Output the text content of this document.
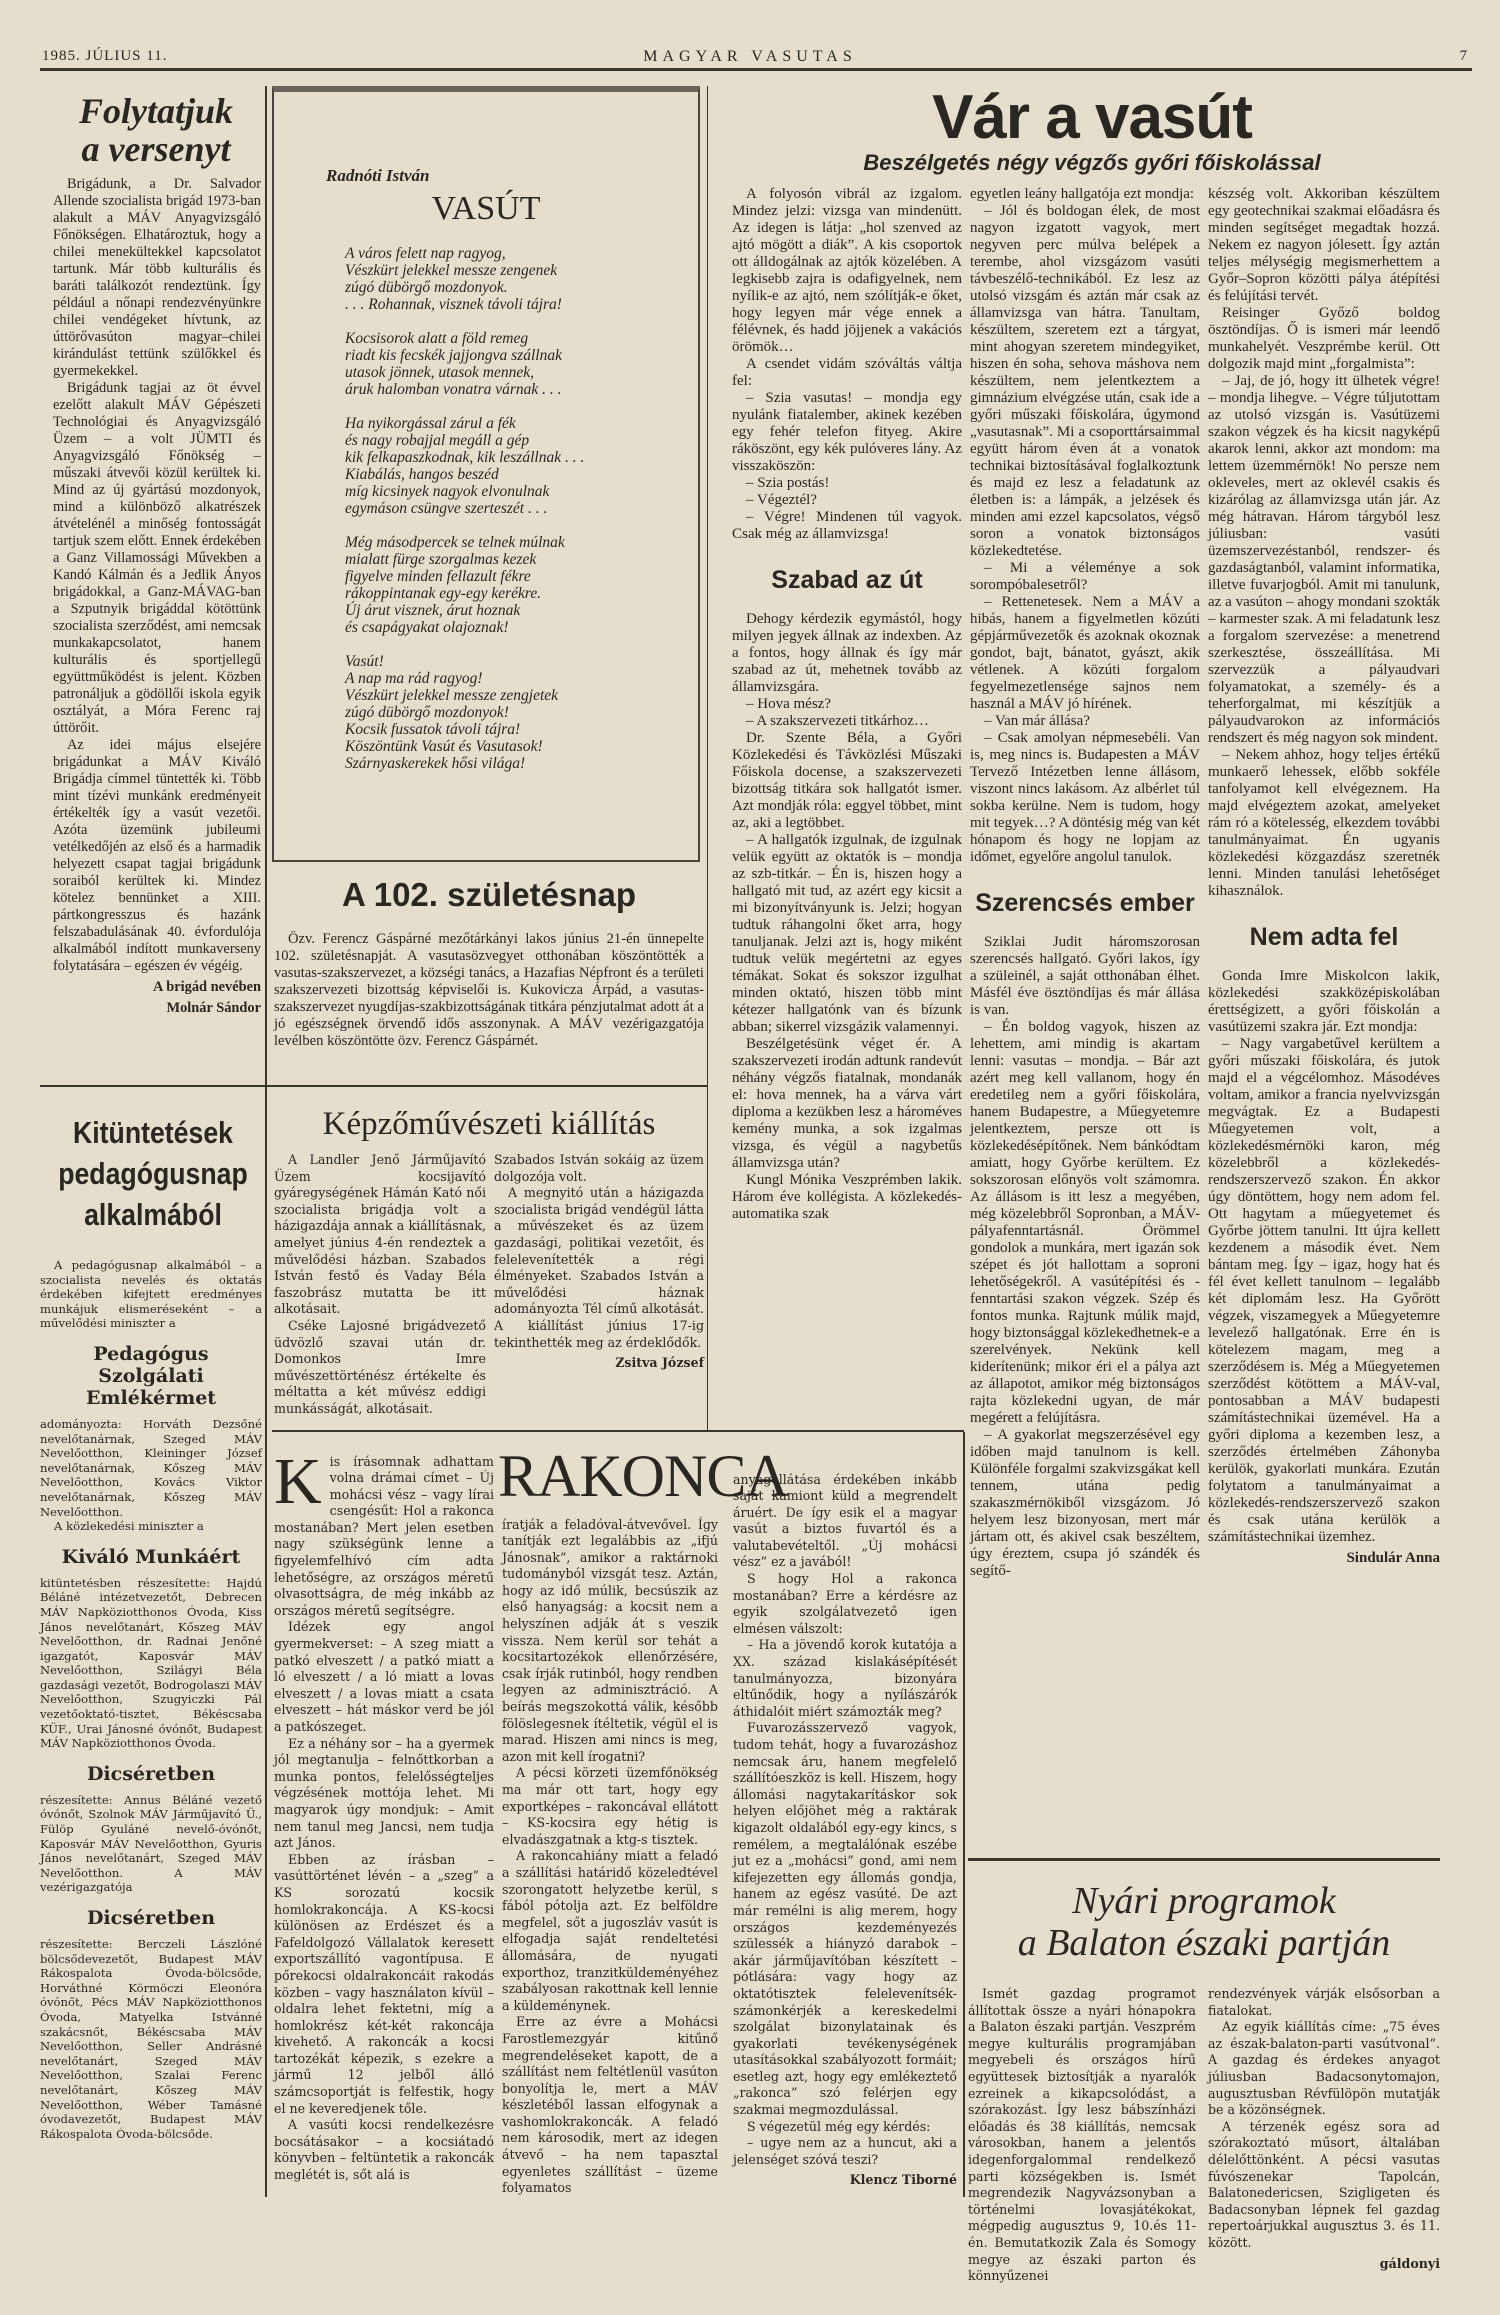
1985. JÚLIUS 11.	MAGYAR VASUTAS	7
Folytatjuk
a versenyt

Brigádunk, a Dr. Salvador Allende szocialista brigád 1973-ban alakult a MÁV Anyagvizsgáló Főnökségen. Elhatároztuk, hogy a chilei menekültekkel kapcsolatot tartunk. Már több kulturális és baráti találkozót rendeztünk. Így például a nőnapi rendezvényünkre chilei vendégeket hívtunk, az úttörővasúton magyar–chilei kirándulást tettünk szülőkkel és gyermekekkel.

Brigádunk tagjai az öt évvel ezelőtt alakult MÁV Gépészeti Technológiai és Anyagvizsgáló Üzem – a volt JÜMTI és Anyagvizsgáló Főnökség – műszaki átvevői közül kerültek ki. Mind az új gyártású mozdonyok, mind a különböző alkatrészek átvételénél a minőség fontosságát tartjuk szem előtt. Ennek érdekében a Ganz Villamossági Művekben a Kandó Kálmán és a Jedlik Ányos brigádokkal, a Ganz-MÁVAG-ban a Szputnyik brigáddal kötöttünk szocialista szerződést, ami nemcsak munkakapcsolatot, hanem kulturális és sportjellegű együttműködést is jelent. Közben patronáljuk a gödöllői iskola egyik osztályát, a Móra Ferenc raj úttörőit.

Az idei május elsejére brigádunkat a MÁV Kiváló Brigádja címmel tüntették ki. Több mint tízévi munkánk eredményeit értékelték így a vasút vezetői. Azóta üzemünk jubileumi vetélkedőjén az első és a harmadik helyezett csapat tagjai brigádunk soraiból kerültek ki. Mindez kötelez bennünket a XIII. pártkongresszus és hazánk felszabadulásának 40. évfordulója alkalmából indított munkaverseny folytatására – egészen év végéig.

A brigád nevében

Molnár Sándor

Radnóti István
VASÚT

A város felett nap ragyog,
Vészkürt jelekkel messze zengenek
zúgó dübörgő mozdonyok.
. . . Rohannak, visznek távoli tájra!

Kocsisorok alatt a föld remeg
riadt kis fecskék jajjongva szállnak
utasok jönnek, utasok mennek,
áruk halomban vonatra várnak . . .

Ha nyikorgással zárul a fék
és nagy robajjal megáll a gép
kik felkapaszkodnak, kik leszállnak . . .
Kiabálás, hangos beszéd
míg kicsinyek nagyok elvonulnak
egymáson csüngve szerteszét . . .

Még másodpercek se telnek múlnak
mialatt fürge szorgalmas kezek
figyelve minden fellazult fékre
rákoppintanak egy-egy kerékre.
Új árut visznek, árut hoznak
és csapágyakat olajoznak!

Vasút!
A nap ma rád ragyog!
Vészkürt jelekkel messze zengjetek
zúgó dübörgő mozdonyok!
Kocsik fussatok távoli tájra!
Köszöntünk Vasút és Vasutasok!
Szárnyaskerekek hősi világa!

A 102. születésnap

Özv. Ferencz Gáspárné mezőtárkányi lakos június 21-én ünnepelte 102. születésnapját. A vasutasözvegyet otthonában köszöntötték a vasutas-szakszervezet, a községi tanács, a Hazafias Népfront és a területi szakszervezeti bizottság képviselői is. Kukovicza Árpád, a vasutas-szakszervezet nyugdíjas-szakbizottságának titkára pénzjutalmat adott át a jó egészségnek örvendő idős asszonynak. A MÁV vezérigazgatója levélben köszöntötte özv. Ferencz Gáspárnét.

Képzőművészeti kiállítás

A Landler Jenő Járműjavító Üzem kocsijavító gyáregységének Hámán Kató női szocialista brigádja volt a házigazdája annak a kiállításnak, amelyet június 4-én rendeztek a művelődési házban. Szabados István festő és Vaday Béla faszobrász mutatta be itt alkotásait.

Cséke Lajosné brigádvezető üdvözlő szavai után dr. Domonkos Imre művészettörténész értékelte és méltatta a két művész eddigi munkásságát, alkotásait.

Szabados István sokáig az üzem dolgozója volt.

A megnyitó után a házigazda szocialista brigád vendégül látta a művészeket és az üzem gazdasági, politikai vezetőit, és felelevenítették a régi élményeket. Szabados István a művelődési háznak adományozta Tél című alkotását. A kiállítást június 17-ig tekinthették meg az érdeklődők.

Zsitva József

Vár a vasút
Beszélgetés négy végzős győri főiskolással

A folyosón vibrál az izgalom. Mindez jelzi: vizsga van mindenütt. Az idegen is látja: „hol szenved az ajtó mögött a diák”. A kis csoportok ott álldogálnak az ajtók közelében. A legkisebb zajra is odafigyelnek, nem nyílik-e az ajtó, nem szólítják-e őket, hogy legyen már vége ennek a félévnek, és hadd jöjjenek a vakációs örömök…

A csendet vidám szóváltás váltja fel:

– Szia vasutas! – mondja egy nyulánk fiatalember, akinek kezében egy fehér telefon fityeg. Akire ráköszönt, egy kék pulóveres lány. Az visszaköszön:

– Szia postás!

– Végeztél?

– Végre! Mindenen túl vagyok. Csak még az államvizsga!

Szabad az út

Dehogy kérdezik egymástól, hogy milyen jegyek állnak az indexben. Az a fontos, hogy állnak és így már szabad az út, mehetnek tovább az államvizsgára.

– Hova mész?

– A szakszervezeti titkárhoz…

Dr. Szente Béla, a Győri Közlekedési és Távközlési Műszaki Főiskola docense, a szakszervezeti bizottság titkára sok hallgatót ismer. Azt mondják róla: eggyel többet, mint az, aki a legtöbbet.

– A hallgatók izgulnak, de izgulnak velük együtt az oktatók is – mondja az szb-titkár. – Én is, hiszen hogy a hallgató mit tud, az azért egy kicsit a mi bizonyítványunk is. Jelzi; hogyan tudtuk ráhangolni őket arra, hogy tanuljanak. Jelzi azt is, hogy miként tudtuk velük megértetni az egyes témákat. Sokat és sokszor izgulhat minden oktató, hiszen több mint kétezer hallgatónk van és bízunk abban; sikerrel vizsgázik valamennyi.

Beszélgetésünk véget ér. A szakszervezeti irodán adtunk randevút néhány végzős fiatalnak, mondanák el: hova mennek, ha a várva várt diploma a kezükben lesz a hároméves kemény munka, a sok izgalmas vizsga, és végül a nagybetűs államvizsga után?

Kungl Mónika Veszprémben lakik. Három éve kollégista. A közlekedés-automatika szak

egyetlen leány hallgatója ezt mondja:

– Jól és boldogan élek, de most nagyon izgatott vagyok, mert negyven perc múlva belépek a terembe, ahol vizsgázom vasúti távbeszélő-technikából. Ez lesz az utolsó vizsgám és aztán már csak az államvizsga van hátra. Tanultam, készültem, szeretem ezt a tárgyat, mint ahogyan szeretem mindegyiket, hiszen én soha, sehova máshova nem készültem, nem jelentkeztem a gimnázium elvégzése után, csak ide a győri műszaki főiskolára, úgymond „vasutasnak”. Mi a csoporttársaimmal együtt három éven át a vonatok technikai biztosításával foglalkoztunk és majd ez lesz a feladatunk az életben is: a lámpák, a jelzések és minden ami ezzel kapcsolatos, végső soron a vonatok biztonságos közlekedtetése.

– Mi a véleménye a sok sorompóbalesetről?

– Rettenetesek. Nem a MÁV a hibás, hanem a figyelmetlen közúti gépjárművezetők és azoknak okoznak gondot, bajt, bánatot, gyászt, akik vétlenek. A közúti forgalom fegyelmezetlensége sajnos nem használ a MÁV jó hírének.

– Van már állása?

– Csak amolyan népmesebéli. Van is, meg nincs is. Budapesten a MÁV Tervező Intézetben lenne állásom, viszont nincs lakásom. Az albérlet túl sokba kerülne. Nem is tudom, hogy mit tegyek…? A döntésig még van két hónapom és hogy ne lopjam az időmet, egyelőre angolul tanulok.

Szerencsés ember

Sziklai Judit háromszorosan szerencsés hallgató. Győri lakos, így a szüleinél, a saját otthonában élhet. Másfél éve ösztöndíjas és már állása is van.

– Én boldog vagyok, hiszen az lehettem, ami mindig is akartam lenni: vasutas – mondja. – Bár azt azért meg kell vallanom, hogy én eredetileg nem a győri főiskolára, hanem Budapestre, a Műegyetemre jelentkeztem, persze ott is közlekedésépítőnek. Nem bánkódtam amiatt, hogy Győrbe kerültem. Ez sokszorosan előnyös volt számomra. Az állásom is itt lesz a megyében, még közelebbről Sopronban, a MÁV-pályafenntartásnál. Örömmel gondolok a munkára, mert igazán sok szépet és jót hallottam a soproni lehetőségekről. A vasútépítési és -fenntartási szakon végzek. Szép és fontos munka. Rajtunk múlik majd, hogy biztonsággal közlekedhetnek-e a szerelvények. Nekünk kell kiderítenünk; mikor éri el a pálya azt az állapotot, amikor még biztonságos rajta közlekedni ugyan, de már megérett a felújításra.

– A gyakorlat megszerzésével egy időben majd tanulnom is kell. Különféle forgalmi szakvizsgákat kell tennem, utána pedig szakaszmérnökiből vizsgázom. Jó helyem lesz bizonyosan, mert már jártam ott, és akivel csak beszéltem, úgy éreztem, csupa jó szándék és segítő-

készség volt. Akkoriban készültem egy geotechnikai szakmai előadásra és minden segítséget megadtak hozzá. Nekem ez nagyon jólesett. Így aztán teljes mélységig megismerhettem a Győr–Sopron közötti pálya átépítési és felújítási tervét.

Reisinger Győző boldog ösztöndíjas. Ő is ismeri már leendő munkahelyét. Veszprémbe kerül. Ott dolgozik majd mint „forgalmista”:

– Jaj, de jó, hogy itt ülhetek végre! – mondja lihegve. – Végre túljutottam az utolsó vizsgán is. Vasútüzemi szakon végzek és ha kicsit nagyképű akarok lenni, akkor azt mondom: ma lettem üzemmérnök! No persze nem okleveles, mert az oklevél csakis és kizárólag az államvizsga után jár. Az még hátravan. Három tárgyból lesz júliusban: vasúti üzemszervezéstanból, rendszer- és gazdaságtanból, valamint informatika, illetve fuvarjogból. Amit mi tanulunk, az a vasúton – ahogy mondani szokták – karmester szak. A mi feladatunk lesz a forgalom szervezése: a menetrend szerkesztése, összeállítása. Mi szervezzük a pályaudvari folyamatokat, a személy- és a teherforgalmat, mi készítjük a pályaudvarokon az információs rendszert és még nagyon sok mindent.

– Nekem ahhoz, hogy teljes értékű munkaerő lehessek, előbb sokféle tanfolyamot kell elvégeznem. Ha majd elvégeztem azokat, amelyeket rám ró a kötelesség, elkezdem további tanulmányaimat. Én ugyanis közlekedési közgazdász szeretnék lenni. Minden tanulási lehetőséget kihasználok.

Nem adta fel

Gonda Imre Miskolcon lakik, közlekedési szakközépiskolában érettségizett, a győri főiskolán a vasútüzemi szakra jár. Ezt mondja:

– Nagy vargabetűvel kerültem a győri műszaki főiskolára, és jutok majd el a végcélomhoz. Másodéves voltam, amikor a francia nyelvvizsgán megvágtak. Ez a Budapesti Műegyetemen volt, a közlekedésmérnöki karon, még közelebbről a közlekedés-rendszerszervező szakon. Én akkor úgy döntöttem, hogy nem adom fel. Ott hagytam a műegyetemet és Győrbe jöttem tanulni. Itt újra kellett kezdenem a második évet. Nem bántam meg. Így – igaz, hogy hat és fél évet kellett tanulnom – legalább két diplomám lesz. Ha Győrött végzek, viszamegyek a Műegyetemre levelező hallgatónak. Erre én is kötelezem magam, meg a szerződésem is. Még a Műegyetemen szerződést kötöttem a MÁV-val, pontosabban a MÁV budapesti számítástechnikai üzemével. Ha a győri diploma a kezemben lesz, a szerződés értelmében Záhonyba kerülök, gyakorlati munkára. Ezután folytatom a tanulmányaimat a közlekedés-rendszerszervező szakon és csak utána kerülök a számítástechnikai üzemhez.

Sindulár Anna

Kis írásomnak adhattam volna drámai címet – Új mohácsi vész – vagy lírai csengésűt: Hol a rakonca mostanában? Mert jelen esetben nagy szükségünk lenne a figyelemfelhívó cím adta lehetőségre, az országos méretű olvasottságra, de még inkább az országos méretű segítségre.

Idézek egy angol gyermekverset: – A szeg miatt a patkó elveszett / a patkó miatt a ló elveszett / a ló miatt a lovas elveszett / a lovas miatt a csata elveszett – hát máskor verd be jól a patkószeget.

Ez a néhány sor – ha a gyermek jól megtanulja – felnőttkorban a munka pontos, felelősségteljes végzésének mottója lehet. Mi magyarok úgy mondjuk: – Amit nem tanul meg Jancsi, nem tudja azt János.

Ebben az írásban – vasúttörténet lévén – a „szeg” a KS sorozatú kocsik homlokrakoncája. A KS-kocsi különösen az Erdészet és a Fafeldolgozó Vállalatok keresett exportszállító vagontípusa. E pőrekocsi oldalrakoncáit rakodás közben – vagy használaton kívül – oldalra lehet fektetni, míg a homlokrész két-két rakoncája kivehető. A rakoncák a kocsi tartozékát képezik, s ezekre a jármű 12 jelből álló számcsoportját is felfestik, hogy el ne keveredjenek tőle.

A vasúti kocsi rendelkezésre bocsátásakor – a kocsiátadó könyvben – feltüntetik a rakoncák meglétét is, sőt alá is

RAKONCA

íratják a feladóval-átvevővel. Így tanítják ezt legalábbis az „ifjú Jánosnak”, amikor a raktárnoki tudományból vizsgát tesz. Aztán, hogy az idő múlik, becsúszik az első hanyagság: a kocsit nem a helyszínen adják át s veszik vissza. Nem kerül sor tehát a kocsitartozékok ellenőrzésére, csak írják rutinból, hogy rendben legyen az adminisztráció. A beírás megszokottá válik, később fölöslegesnek ítéltetik, végül el is marad. Hiszen ami nincs is meg, azon mit kell írogatni?

A pécsi körzeti üzemfőnökség ma már ott tart, hogy egy exportképes – rakoncával ellátott – KS-kocsira egy hétig is elvadászgatnak a ktg-s tisztek.

A rakoncahiány miatt a feladó a szállítási határidő közeledtével szorongatott helyzetbe kerül, s fából pótolja azt. Ez belföldre megfelel, sőt a jugoszláv vasút is elfogadja saját rendeltetési állomására, de nyugati exporthoz, tranzitküldeményéhez szabályosan rakottnak kell lennie a küldeménynek.

Erre az évre a Mohácsi Farostlemezgyár kitűnő megrendeléseket kapott, de a szállítást nem feltétlenül vasúton bonyolítja le, mert a MÁV készletéből lassan elfogynak a vashomlokrakoncák. A feladó nem károsodik, mert az idegen átvevő – ha nem tapasztal egyenletes szállítást – üzeme folyamatos

anyagellátása érdekében inkább saját kamiont küld a megrendelt áruért. De így esik el a magyar vasút a biztos fuvartól és a valutabevételtől. „Új mohácsi vész” ez a javából!

S hogy Hol a rakonca mostanában? Erre a kérdésre az egyik szolgálatvezető igen elmésen válszolt:

– Ha a jövendő korok kutatója a XX. század kislakásépítését tanulmányozza, bizonyára eltűnődik, hogy a nyílászárók áthidalóit miért számozták meg?

Fuvarozásszervező vagyok, tudom tehát, hogy a fuvarozáshoz nemcsak áru, hanem megfelelő szállítóeszköz is kell. Hiszem, hogy állomási nagytakarításkor sok helyen előjöhet még a raktárak kigazolt oldalából egy-egy kincs, s remélem, a megtalálónak eszébe jut ez a „mohácsi” gond, ami nem kifejezetten egy állomás gondja, hanem az egész vasúté. De azt már remélni is alig merem, hogy országos kezdeményezés szülessék a hiányzó darabok – akár járműjavítóban készített – pótlására: vagy hogy az oktatótisztek felelevenítsék-számonkérjék a kereskedelmi szolgálat bizonylatainak és gyakorlati tevékenységének utasításokkal szabályozott formáit; esetleg azt, hogy egy emlékeztető „rakonca” szó felérjen egy szakmai megmozdulással.

S végezetül még egy kérdés:

– ugye nem az a huncut, aki a jelenséget szóvá teszi?

Klencz Tiborné

Nyári programok
a Balaton északi partján

Ismét gazdag programot állítottak össze a nyári hónapokra a Balaton északi partján. Veszprém megye kulturális programjában megyebeli és országos hírű együttesek biztosítják a nyaralók ezreinek a kikapcsolódást, a szórakozást. Így lesz bábszínházi előadás és 38 kiállítás, nemcsak városokban, hanem a jelentős idegenforgalommal rendelkező parti községekben is. Ismét megrendezik Nagyvázsonyban a történelmi lovasjátékokat, mégpedig augusztus 9, 10.és 11-én. Bemutatkozik Zala és Somogy megye az északi parton és könnyűzenei

rendezvények várják elsősorban a fiatalokat.

Az egyik kiállítás címe: „75 éves az észak-balaton-parti vasútvonal”. A gazdag és érdekes anyagot júliusban Badacsonytomajon, augusztusban Révfülöpön mutatják be a közönségnek.

A térzenék egész sora ad szórakoztató műsort, általában délelőttönként. A pécsi vasutas fúvószenekar Tapolcán, Balatonedericsen, Szigligeten és Badacsonyban lépnek fel gazdag repertoárjukkal augusztus 3. és 11. között.

gáldonyi

Kitüntetések pedagógusnap alkalmából

A pedagógusnap alkalmából – a szocialista nevelés és oktatás érdekében kifejtett eredményes munkájuk elismeréseként – a művelődési miniszter a

Pedagógus Szolgálati Emlékérmet

adományozta: Horváth Dezsőné nevelőtanárnak, Szeged MÁV Nevelőotthon, Kleininger József nevelőtanárnak, Kőszeg MÁV Nevelőotthon, Kovács Viktor nevelőtanárnak, Kőszeg MÁV Nevelőotthon.

A közlekedési miniszter a

Kiváló Munkáért

kitüntetésben részesítette: Hajdú Béláné intézetvezetőt, Debrecen MÁV Napköziotthonos Óvoda, Kiss János nevelőtanárt, Kőszeg MÁV Nevelőotthon, dr. Radnai Jenőné igazgatót, Kaposvár MÁV Nevelőotthon, Szilágyi Béla gazdasági vezetőt, Bodrogolaszi MÁV Nevelőotthon, Szugyiczki Pál vezetőoktató-tisztet, Békéscsaba KÜF., Urai Jánosné óvónőt, Budapest MÁV Napköziotthonos Óvoda.

Dicséretben

részesítette: Annus Béláné vezető óvónőt, Szolnok MÁV Járműjavító Ü., Fülöp Gyuláné nevelő-óvónőt, Kaposvár MÁV Nevelőotthon, Gyuris János nevelőtanárt, Szeged MÁV Nevelőotthon. A MÁV vezérigazgatója

Dicséretben

részesítette: Berczeli Lászlóné bölcsődevezetőt, Budapest MÁV Rákospalota Óvoda-bölcsőde, Horváthné Körmöczi Eleonóra óvónőt, Pécs MÁV Napköziotthonos Óvoda, Matyelka Istvánné szakácsnőt, Békéscsaba MÁV Nevelőotthon, Seller Andrásné nevelőtanárt, Szeged MÁV Nevelőotthon, Szalai Ferenc nevelőtanárt, Kőszeg MÁV Nevelőotthon, Wéber Tamásné óvodavezetőt, Budapest MÁV Rákospalota Óvoda-bölcsőde.
